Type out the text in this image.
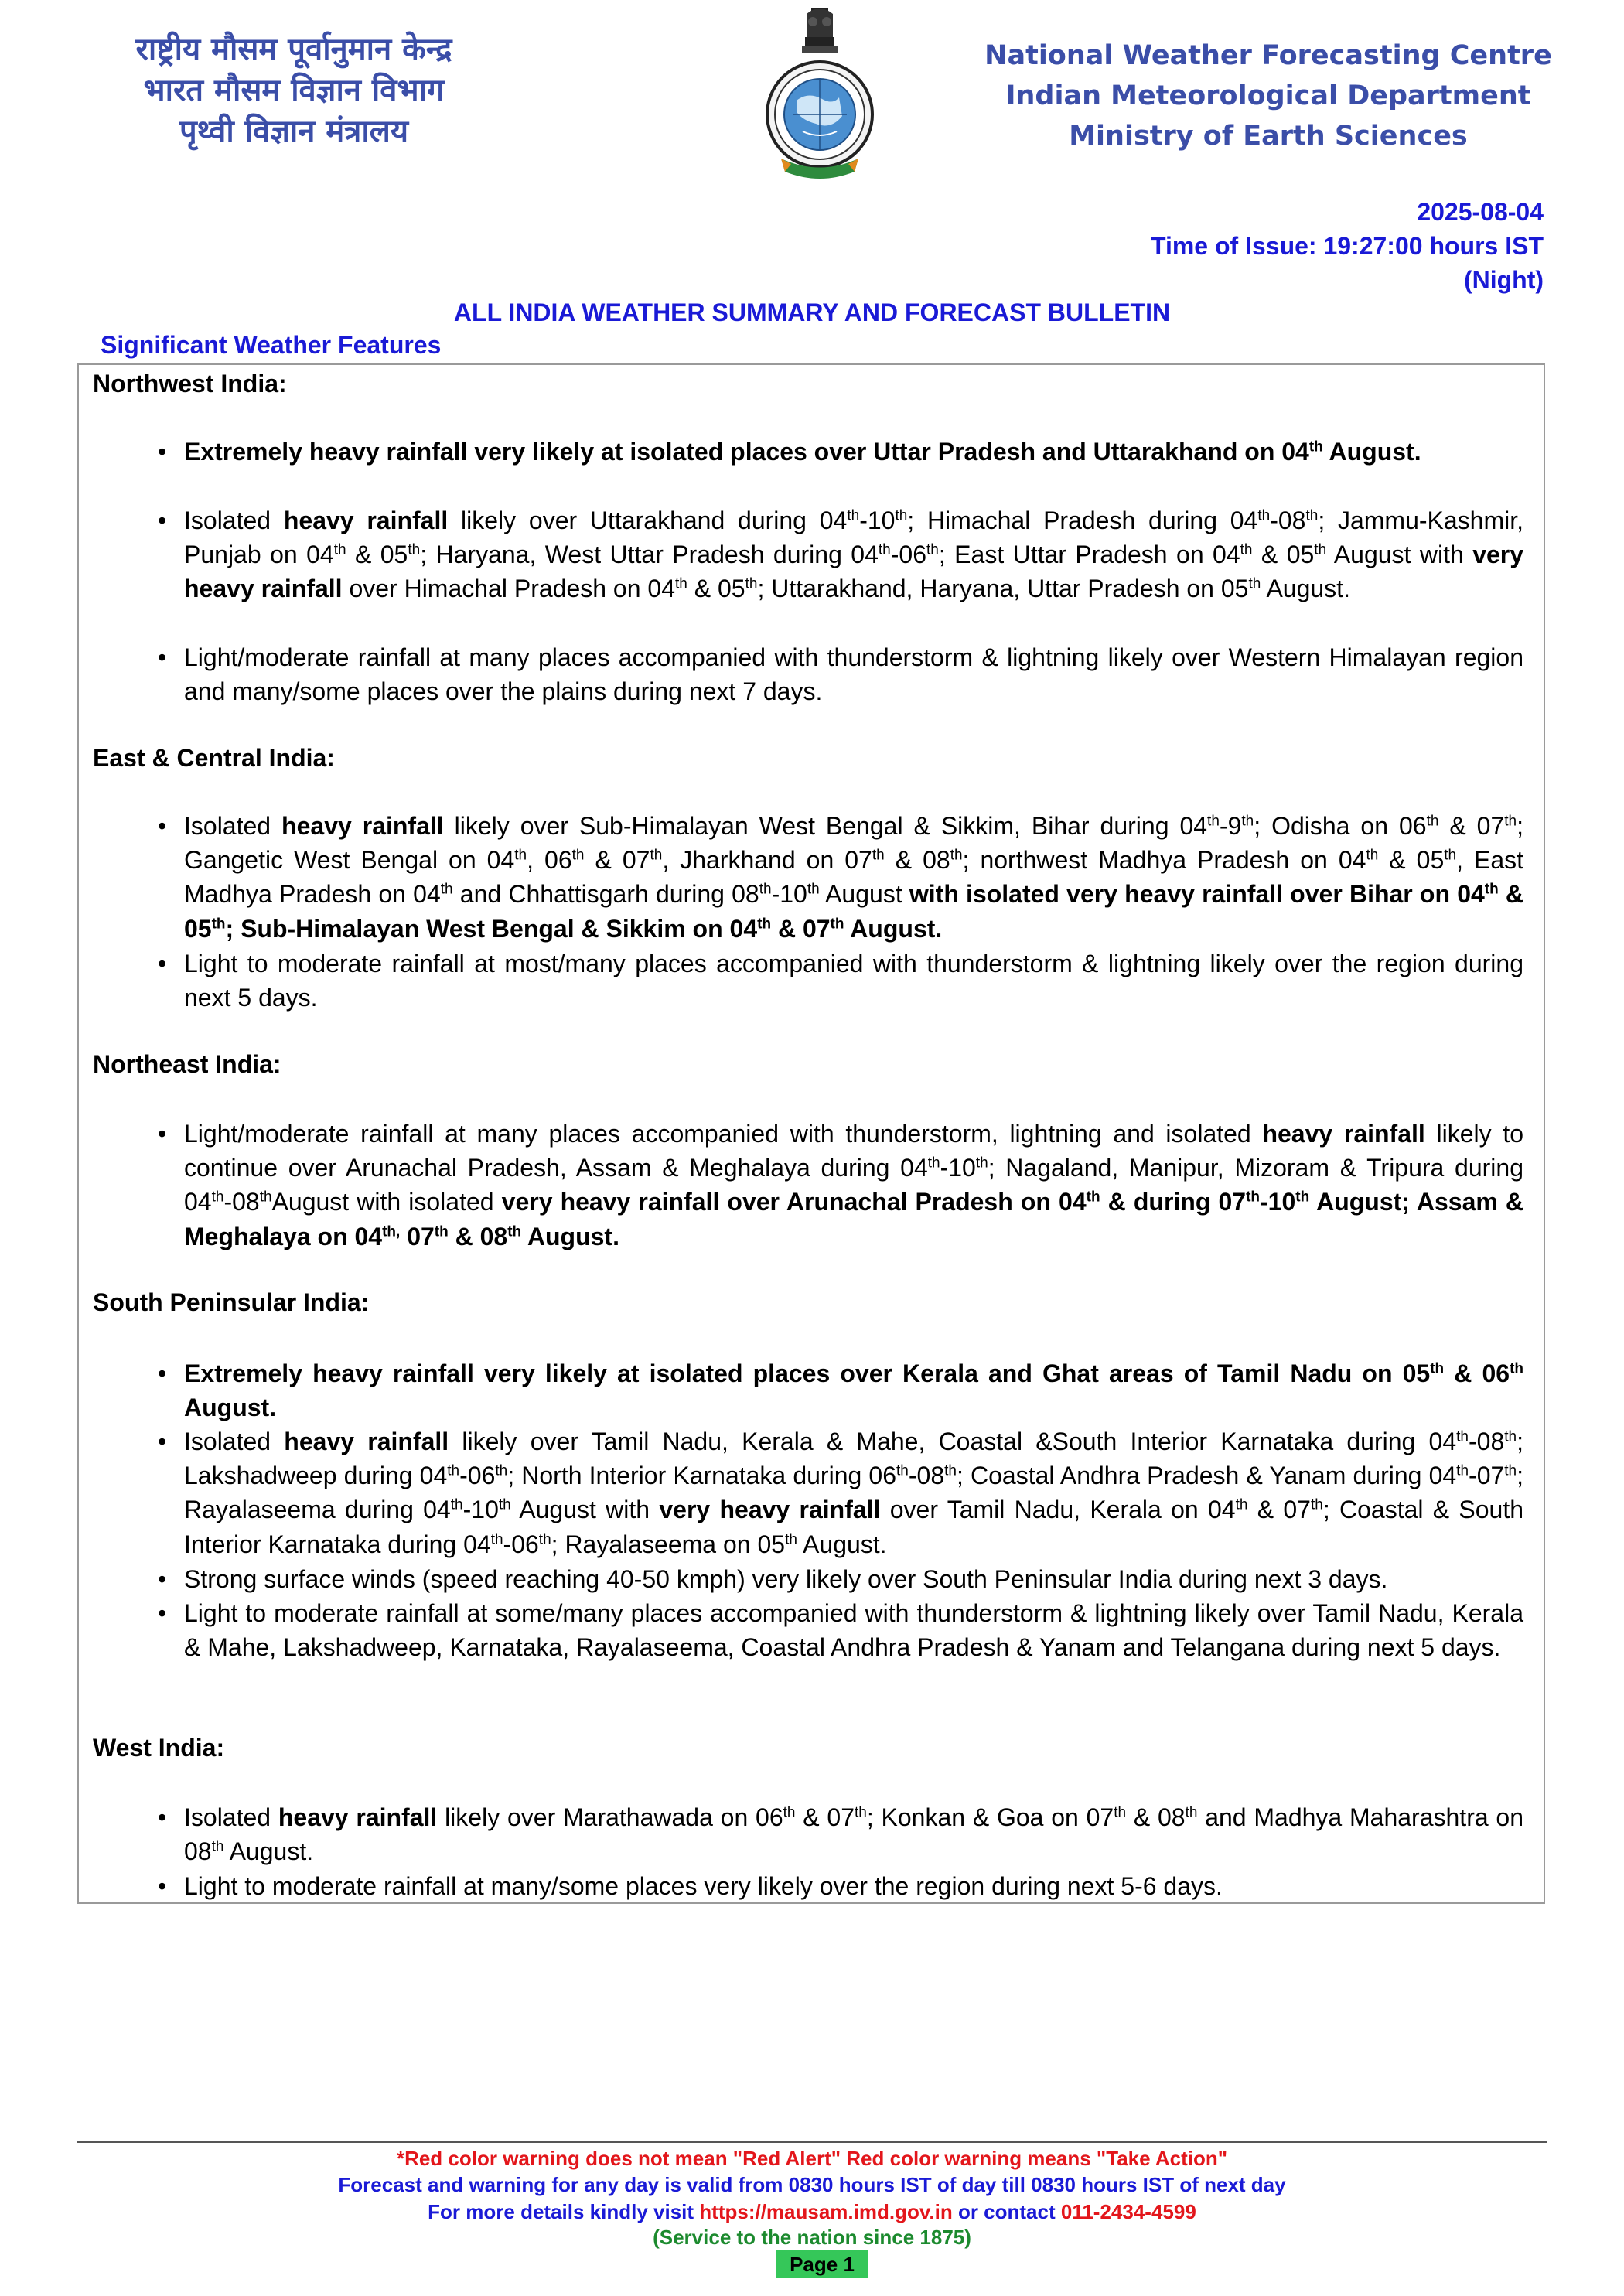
राष्ट्रीय मौसम पूर्वानुमान केन्द्र
भारत मौसम विज्ञान विभाग
पृथ्वी विज्ञान मंत्रालय
National Weather Forecasting Centre
Indian Meteorological Department
Ministry of Earth Sciences
2025-08-04
Time of Issue: 19:27:00 hours IST
(Night)
ALL INDIA WEATHER SUMMARY AND FORECAST BULLETIN
Significant Weather Features
Northwest India:
• Extremely heavy rainfall very likely at isolated places over Uttar Pradesh and Uttarakhand on 04th August.
• Isolated heavy rainfall likely over Uttarakhand during 04th-10th; Himachal Pradesh during 04th-08th; Jammu-Kashmir, Punjab on 04th & 05th; Haryana, West Uttar Pradesh during 04th-06th; East Uttar Pradesh on 04th & 05th August with very heavy rainfall over Himachal Pradesh on 04th & 05th; Uttarakhand, Haryana, Uttar Pradesh on 05th August.
• Light/moderate rainfall at many places accompanied with thunderstorm & lightning likely over Western Himalayan region and many/some places over the plains during next 7 days.
East & Central India:
• Isolated heavy rainfall likely over Sub-Himalayan West Bengal & Sikkim, Bihar during 04th-9th; Odisha on 06th & 07th; Gangetic West Bengal on 04th, 06th & 07th, Jharkhand on 07th & 08th; northwest Madhya Pradesh on 04th & 05th, East Madhya Pradesh on 04th and Chhattisgarh during 08th-10th August with isolated very heavy rainfall over Bihar on 04th & 05th; Sub-Himalayan West Bengal & Sikkim on 04th & 07th August.
• Light to moderate rainfall at most/many places accompanied with thunderstorm & lightning likely over the region during next 5 days.
Northeast India:
• Light/moderate rainfall at many places accompanied with thunderstorm, lightning and isolated heavy rainfall likely to continue over Arunachal Pradesh, Assam & Meghalaya during 04th-10th; Nagaland, Manipur, Mizoram & Tripura during 04th-08thAugust with isolated very heavy rainfall over Arunachal Pradesh on 04th & during 07th-10th August; Assam & Meghalaya on $04^{th,}$ 07th & 08th August.
South Peninsular India:
• Extremely heavy rainfall very likely at isolated places over Kerala and Ghat areas of Tamil Nadu on 05th & 06th August.
• Isolated heavy rainfall likely over Tamil Nadu, Kerala & Mahe, Coastal &South Interior Karnataka during 04th-08th; Lakshadweep during 04th-06th; North Interior Karnataka during 06th-08th; Coastal Andhra Pradesh & Yanam during 04th-07th; Rayalaseema during 04th-10th August with very heavy rainfall over Tamil Nadu, Kerala on 04th & 07th; Coastal & South Interior Karnataka during 04th-06th; Rayalaseema on 05th August.
• Strong surface winds (speed reaching 40-50 kmph) very likely over South Peninsular India during next 3 days.
• Light to moderate rainfall at some/many places accompanied with thunderstorm & lightning likely over Tamil Nadu, Kerala & Mahe, Lakshadweep, Karnataka, Rayalaseema, Coastal Andhra Pradesh & Yanam and Telangana during next 5 days.
West India:
• Isolated heavy rainfall likely over Marathawada on 06th & 07th; Konkan & Goa on 07th & 08th and Madhya Maharashtra on 08th August.
• Light to moderate rainfall at many/some places very likely over the region during next 5-6 days.
*Red color warning does not mean "Red Alert" Red color warning means "Take Action"
Forecast and warning for any day is valid from 0830 hours IST of day till 0830 hours IST of next day
For more details kindly visit https://mausam.imd.gov.in or contact 011-2434-4599
(Service to the nation since 1875)
Page 1
